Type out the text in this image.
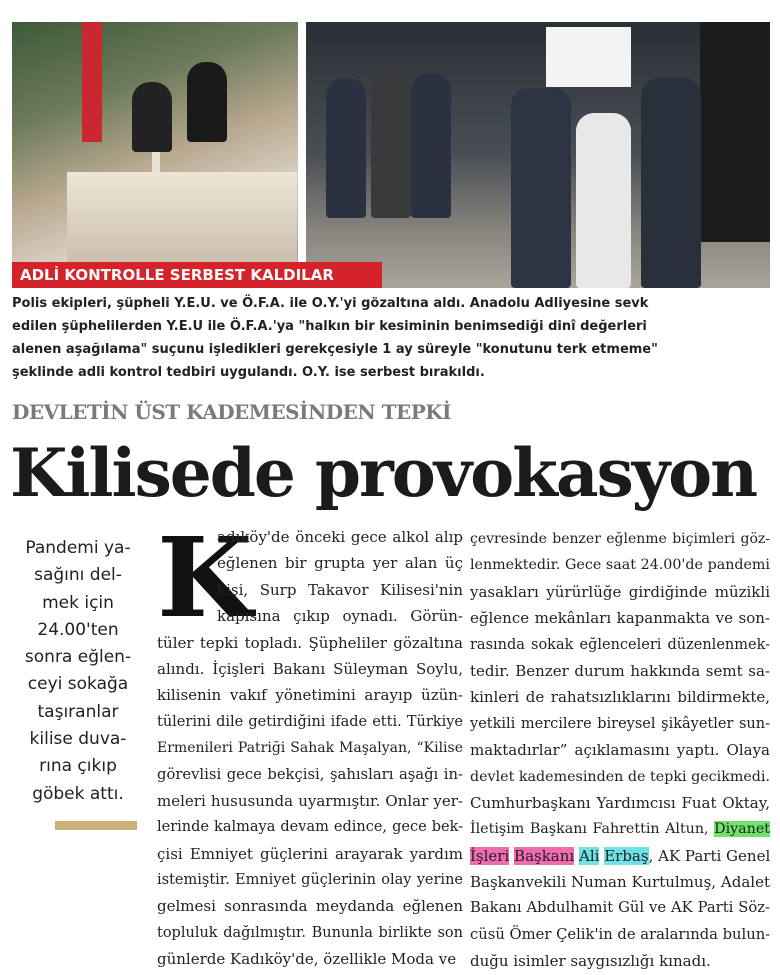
ADLİ KONTROLLE SERBEST KALDILAR
Polis ekipleri, şüpheli Y.E.U. ve Ö.F.A. ile O.Y.'yi gözaltına aldı. Anadolu Adliyesine sevk
edilen şüphelilerden Y.E.U ile Ö.F.A.'ya "halkın bir kesiminin benimsediği dinî değerleri
alenen aşağılama" suçunu işledikleri gerekçesiyle 1 ay süreyle "konutunu terk etmeme"
şeklinde adli kontrol tedbiri uygulandı. O.Y. ise serbest bırakıldı.
DEVLETİN ÜST KADEMESİNDEN TEPKİ
Kilisede provokasyon
Pandemi ya-
sağını del-
mek için
24.00'ten
sonra eğlen-
ceyi sokağa
taşıranlar
kilise duva-
rına çıkıp
göbek attı.
K
adıköy'de önceki gece alkol alıp
eğlenen bir grupta yer alan üç
kişi, Surp Takavor Kilisesi'nin
kapısına çıkıp oynadı. Görün-
tüler tepki topladı. Şüpheliler gözaltına
alındı. İçişleri Bakanı Süleyman Soylu,
kilisenin vakıf yönetimini arayıp üzün-
tülerini dile getirdiğini ifade etti. Türkiye
Ermenileri Patriği Sahak Maşalyan, “Kilise
görevlisi gece bekçisi, şahısları aşağı in-
meleri hususunda uyarmıştır. Onlar yer-
lerinde kalmaya devam edince, gece bek-
çisi Emniyet güçlerini arayarak yardım
istemiştir. Emniyet güçlerinin olay yerine
gelmesi sonrasında meydanda eğlenen
topluluk dağılmıştır. Bununla birlikte son
günlerde Kadıköy'de, özellikle Moda ve
çevresinde benzer eğlenme biçimleri göz-
lenmektedir. Gece saat 24.00'de pandemi
yasakları yürürlüğe girdiğinde müzikli
eğlence mekânları kapanmakta ve son-
rasında sokak eğlenceleri düzenlenmek-
tedir. Benzer durum hakkında semt sa-
kinleri de rahatsızlıklarını bildirmekte,
yetkili mercilere bireysel şikâyetler sun-
maktadırlar” açıklamasını yaptı. Olaya
devlet kademesinden de tepki gecikmedi.
Cumhurbaşkanı Yardımcısı Fuat Oktay,
İletişim Başkanı Fahrettin Altun, Diyanet
İşleri Başkanı Ali Erbaş, AK Parti Genel
Başkanvekili Numan Kurtulmuş, Adalet
Bakanı Abdulhamit Gül ve AK Parti Söz-
cüsü Ömer Çelik'in de aralarında bulun-
duğu isimler saygısızlığı kınadı.
